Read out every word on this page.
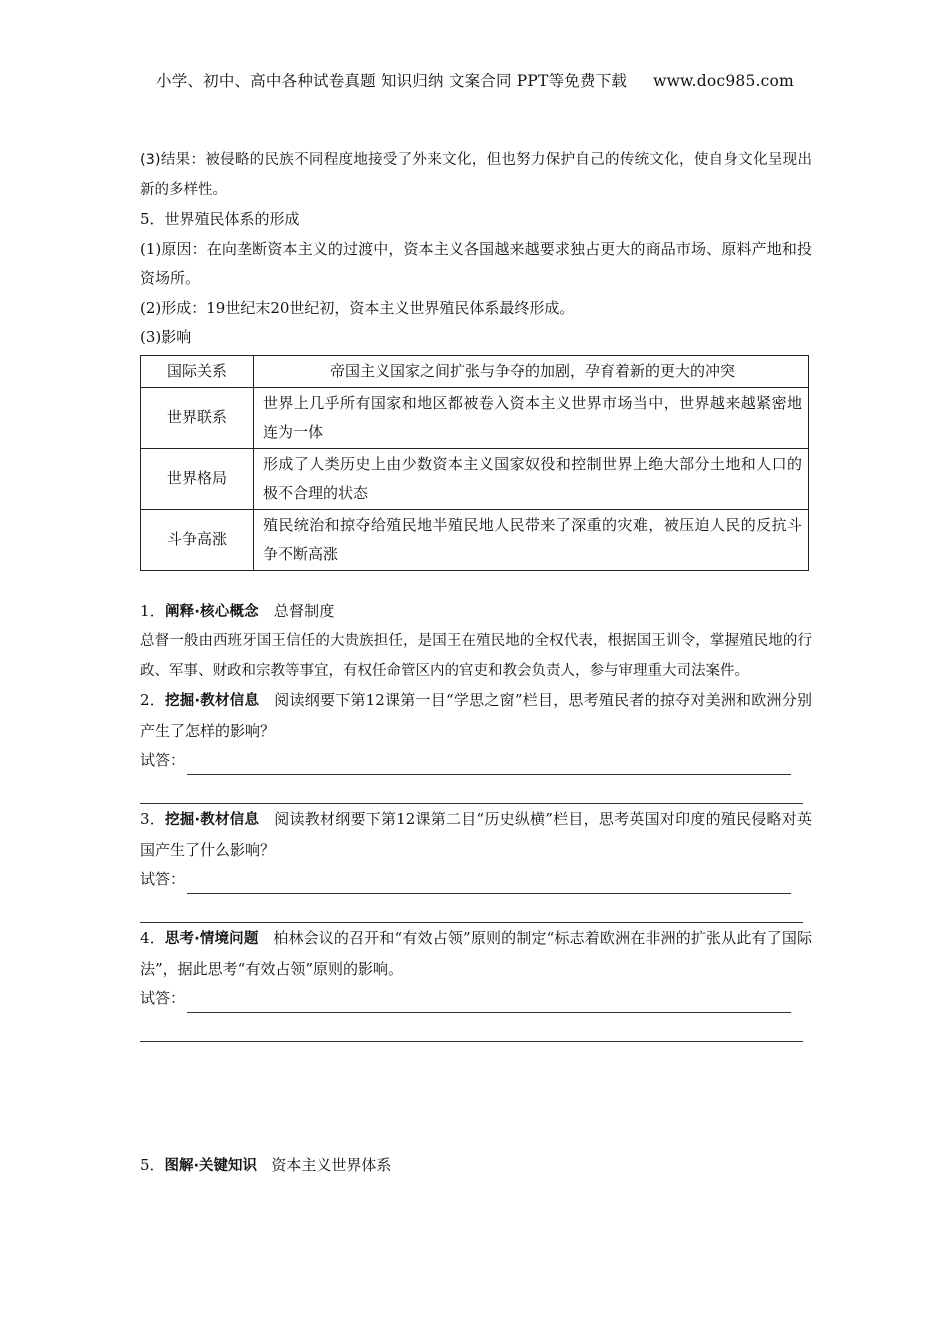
小学、初中、高中各种试卷真题 知识归纳 文案合同 PPT等免费下载 www.doc985.com

(3)结果：被侵略的民族不同程度地接受了外来文化，但也努力保护自己的传统文化，使自身文化呈现出新的多样性。

5．世界殖民体系的形成

(1)原因：在向垄断资本主义的过渡中，资本主义各国越来越要求独占更大的商品市场、原料产地和投资场所。

(2)形成：19世纪末20世纪初，资本主义世界殖民体系最终形成。

(3)影响

国际关系	帝国主义国家之间扩张与争夺的加剧，孕育着新的更大的冲突
世界联系	世界上几乎所有国家和地区都被卷入资本主义世界市场当中，世界越来越紧密地连为一体
世界格局	形成了人类历史上由少数资本主义国家奴役和控制世界上绝大部分土地和人口的极不合理的状态
斗争高涨	殖民统治和掠夺给殖民地半殖民地人民带来了深重的灾难，被压迫人民的反抗斗争不断高涨

1．阐释·核心概念 总督制度

总督一般由西班牙国王信任的大贵族担任，是国王在殖民地的全权代表，根据国王训令，掌握殖民地的行政、军事、财政和宗教等事宜，有权任命管区内的官吏和教会负责人，参与审理重大司法案件。

2．挖掘·教材信息 阅读纲要下第12课第一目“学思之窗”栏目，思考殖民者的掠夺对美洲和欧洲分别产生了怎样的影响？

试答：

3．挖掘·教材信息 阅读教材纲要下第12课第二目“历史纵横”栏目，思考英国对印度的殖民侵略对英国产生了什么影响？

试答：

4．思考·情境问题 柏林会议的召开和“有效占领”原则的制定“标志着欧洲在非洲的扩张从此有了国际法”，据此思考“有效占领”原则的影响。

试答：
5．图解·关键知识 资本主义世界体系
